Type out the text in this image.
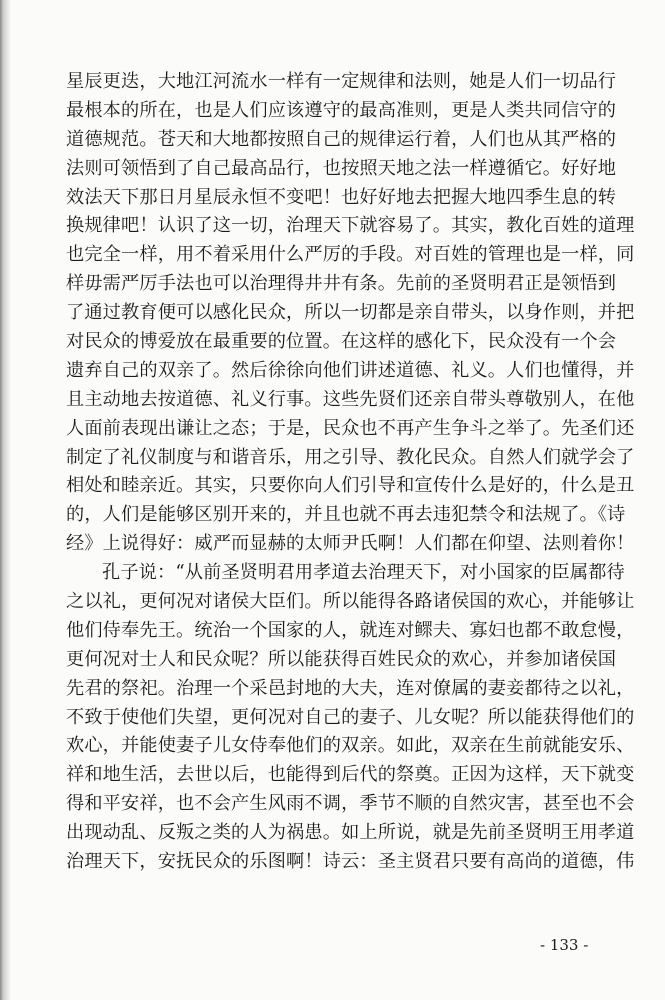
星辰更迭，大地江河流水一样有一定规律和法则，她是人们一切品行
最根本的所在，也是人们应该遵守的最高准则，更是人类共同信守的
道德规范。苍天和大地都按照自己的规律运行着，人们也从其严格的
法则可领悟到了自己最高品行，也按照天地之法一样遵循它。好好地
效法天下那日月星辰永恒不变吧！也好好地去把握大地四季生息的转
换规律吧！认识了这一切，治理天下就容易了。其实，教化百姓的道理
也完全一样，用不着采用什么严厉的手段。对百姓的管理也是一样，同
样毋需严厉手法也可以治理得井井有条。先前的圣贤明君正是领悟到
了通过教育便可以感化民众，所以一切都是亲自带头，以身作则，并把
对民众的博爱放在最重要的位置。在这样的感化下，民众没有一个会
遗弃自己的双亲了。然后徐徐向他们讲述道德、礼义。人们也懂得，并
且主动地去按道德、礼义行事。这些先贤们还亲自带头尊敬别人，在他
人面前表现出谦让之态；于是，民众也不再产生争斗之举了。先圣们还
制定了礼仪制度与和谐音乐，用之引导、教化民众。自然人们就学会了
相处和睦亲近。其实，只要你向人们引导和宣传什么是好的，什么是丑
的，人们是能够区别开来的，并且也就不再去违犯禁令和法规了。《诗
经》上说得好：威严而显赫的太师尹氏啊！人们都在仰望、法则着你！
孔子说：“从前圣贤明君用孝道去治理天下，对小国家的臣属都待
之以礼，更何况对诸侯大臣们。所以能得各路诸侯国的欢心，并能够让
他们侍奉先王。统治一个国家的人，就连对鳏夫、寡妇也都不敢怠慢，
更何况对士人和民众呢？所以能获得百姓民众的欢心，并参加诸侯国
先君的祭祀。治理一个采邑封地的大夫，连对僚属的妻妾都待之以礼，
不致于使他们失望，更何况对自己的妻子、儿女呢？所以能获得他们的
欢心，并能使妻子儿女侍奉他们的双亲。如此，双亲在生前就能安乐、
祥和地生活，去世以后，也能得到后代的祭奠。正因为这样，天下就变
得和平安祥，也不会产生风雨不调，季节不顺的自然灾害，甚至也不会
出现动乱、反叛之类的人为祸患。如上所说，就是先前圣贤明王用孝道
治理天下，安抚民众的乐图啊！诗云：圣主贤君只要有高尚的道德，伟
- 133 -
